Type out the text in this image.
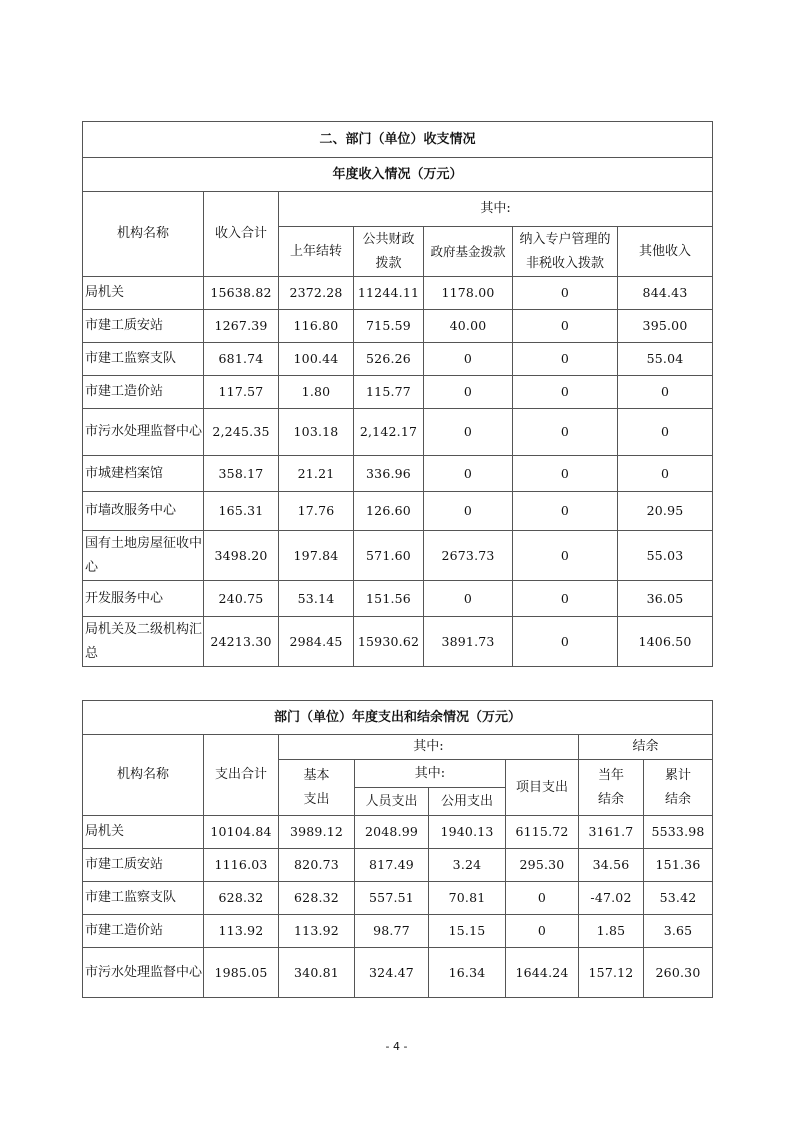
二、部门（单位）收支情况						
年度收入情况（万元）						
机构名称	收入合计	其中:				
		上年结转	公共财政拨款	政府基金拨款	纳入专户管理的非税收入拨款	其他收入
局机关	15638.82	2372.28	11244.11	1178.00	0	844.43
市建工质安站	1267.39	116.80	715.59	40.00	0	395.00
市建工监察支队	681.74	100.44	526.26	0	0	55.04
市建工造价站	117.57	1.80	115.77	0	0	0
市污水处理监督中心	2,245.35	103.18	2,142.17	0	0	0
市城建档案馆	358.17	21.21	336.96	0	0	0
市墙改服务中心	165.31	17.76	126.60	0	0	20.95
国有土地房屋征收中心	3498.20	197.84	571.60	2673.73	0	55.03
开发服务中心	240.75	53.14	151.56	0	0	36.05
局机关及二级机构汇总	24213.30	2984.45	15930.62	3891.73	0	1406.50
部门（单位）年度支出和结余情况（万元）							
机构名称	支出合计	其中:				结余	
		基本支出	其中:		项目支出	当年结余	累计结余
			人员支出	公用支出			
局机关	10104.84	3989.12	2048.99	1940.13	6115.72	3161.7	5533.98
市建工质安站	1116.03	820.73	817.49	3.24	295.30	34.56	151.36
市建工监察支队	628.32	628.32	557.51	70.81	0	-47.02	53.42
市建工造价站	113.92	113.92	98.77	15.15	0	1.85	3.65
市污水处理监督中心	1985.05	340.81	324.47	16.34	1644.24	157.12	260.30
- 4 -
